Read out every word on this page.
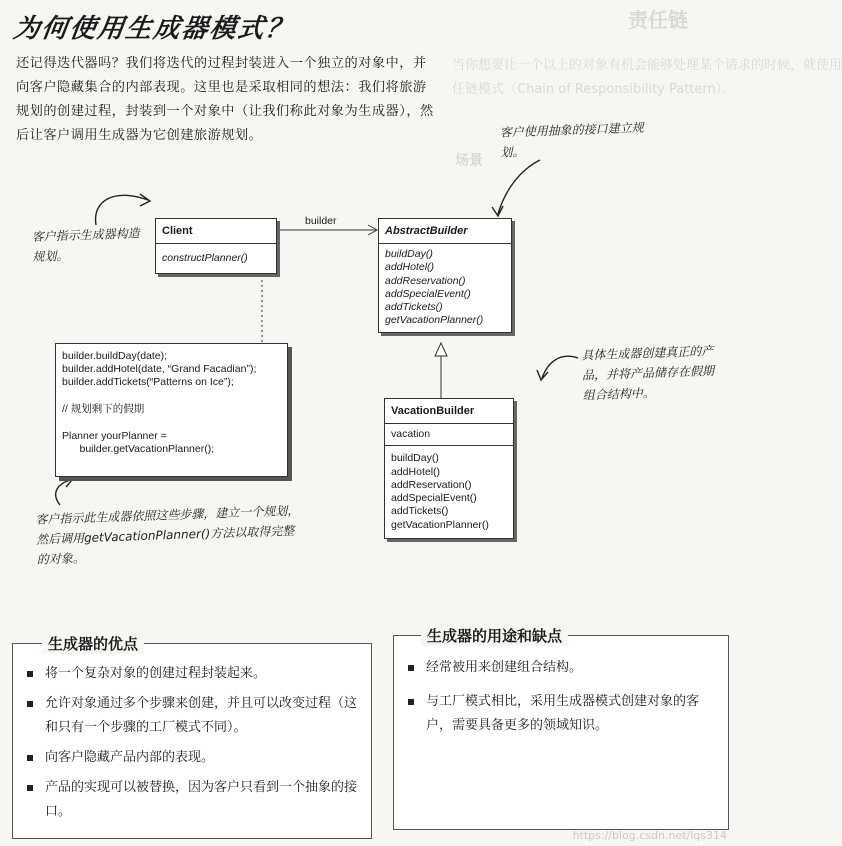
责任链
当你想要让一个以上的对象有机会能够处理某个请求的时候，就使用
任链模式（Chain of Responsibility Pattern）。
场景
为何使用生成器模式？
还记得迭代器吗？我们将迭代的过程封装进入一个独立的对象中，并向客户隐藏集合的内部表现。这里也是采取相同的想法：我们将旅游规划的创建过程，封装到一个对象中（让我们称此对象为生成器），然后让客户调用生成器为它创建旅游规划。	客户使用抽象的接口建立规划。
客户指示生成器构造规划。
具体生成器创建真正的产品，并将产品储存在假期组合结构中。
客户指示此生成器依照这些步骤，建立一个规划，然后调用getVacationPlanner()方法以取得完整的对象。
builder
Client
constructPlanner()
AbstractBuilder
buildDay()
addHotel()
addReservation()
addSpecialEvent()
addTickets()
getVacationPlanner()
VacationBuilder
vacation
buildDay()
addHotel()
addReservation()
addSpecialEvent()
addTickets()
getVacationPlanner()
builder.buildDay(date);
builder.addHotel(date, “Grand Facadian”);
builder.addTickets(“Patterns on Ice”);
// 规划剩下的假期
Planner yourPlanner =
builder.getVacationPlanner();
将一个复杂对象的创建过程封装起来。
允许对象通过多个步骤来创建，并且可以改变过程（这和只有一个步骤的工厂模式不同）。
向客户隐藏产品内部的表现。
产品的实现可以被替换，因为客户只看到一个抽象的接口。
生成器的优点
经常被用来创建组合结构。
与工厂模式相比，采用生成器模式创建对象的客户，需要具备更多的领域知识。
生成器的用途和缺点
https://blog.csdn.net/lqs314
